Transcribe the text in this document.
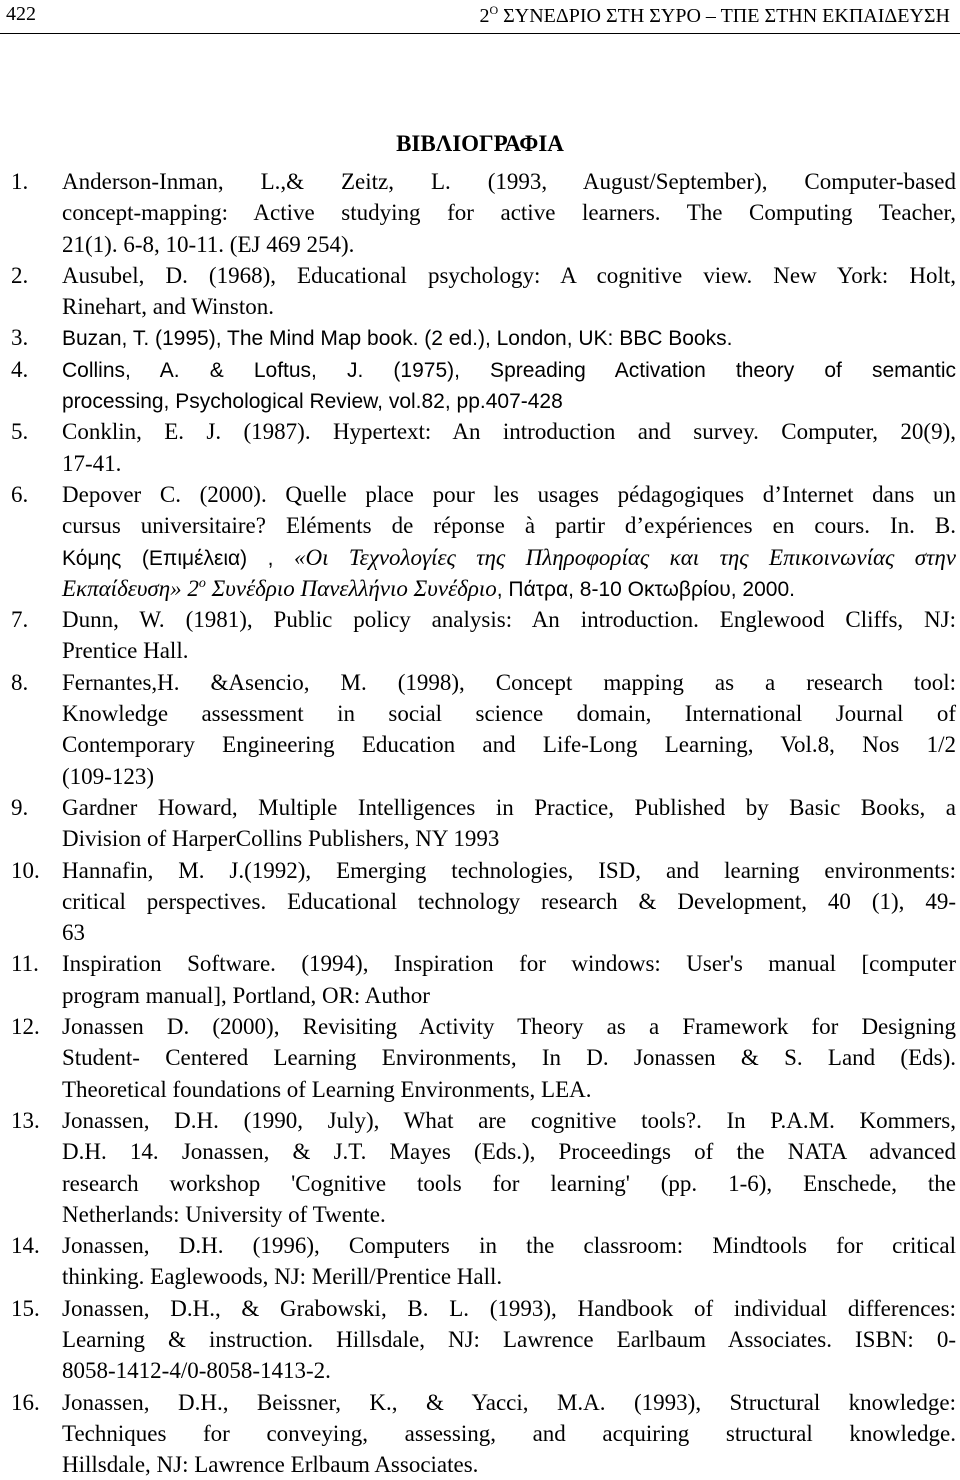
422	$2^O$ ΣΥΝΕΔΡΙΟ ΣΤΗ ΣΥΡΟ – ΤΠΕ ΣΤΗΝ ΕΚΠΑΙΔΕΥΣΗ
ΒΙΒΛΙΟΓΡΑΦΙΑ
1. Anderson-Inman, L.,& Zeitz, L. (1993, August/September), Computer-based
concept-mapping: Active studying for active learners. The Computing Teacher,
21(1). 6-8, 10-11. (EJ 469 254).
2. Ausubel, D. (1968), Educational psychology: A cognitive view. New York: Holt,
Rinehart, and Winston.
3. Buzan, T. (1995), The Mind Map book. (2 ed.), London, UK: BBC Books.
4. Collins, A. & Loftus, J. (1975), Spreading Activation theory of semantic
processing, Psychological Review, vol.82, pp.407-428
5. Conklin, E. J. (1987). Hypertext: An introduction and survey. Computer, 20(9),
17-41.
6. Depover C. (2000). Quelle place pour les usages pédagogiques d’Internet dans un
cursus universitaire? Eléments de réponse à partir d’expériences en cours. In. B.
Κόμης (Επιμέλεια) , «Οι Τεχνολογίες της Πληροφορίας και της Επικοινωνίας στην
Εκπαίδευση» $2^o$ Συνέδριο Πανελλήνιο Συνέδριο, Πάτρα, 8-10 Οκτωβρίου, 2000.
7. Dunn, W. (1981), Public policy analysis: An introduction. Englewood Cliffs, NJ:
Prentice Hall.
8. Fernantes,H. &Asencio, M. (1998), Concept mapping as a research tool:
Knowledge assessment in social science domain, International Journal of
Contemporary Engineering Education and Life-Long Learning, Vol.8, Nos 1/2
(109-123)
9. Gardner Howard, Multiple Intelligences in Practice, Published by Basic Books, a
Division of HarperCollins Publishers, NY 1993
10. Hannafin, M. J.(1992), Emerging technologies, ISD, and learning environments:
critical perspectives. Educational technology research & Development, 40 (1), 49-
63
11. Inspiration Software. (1994), Inspiration for windows: User's manual [computer
program manual], Portland, OR: Author
12. Jonassen D. (2000), Revisiting Activity Theory as a Framework for Designing
Student- Centered Learning Environments, In D. Jonassen & S. Land (Eds).
Theoretical foundations of Learning Environments, LEA.
13. Jonassen, D.H. (1990, July), What are cognitive tools?. In P.A.M. Kommers,
D.H. 14. Jonassen, & J.T. Mayes (Eds.), Proceedings of the NATA advanced
research workshop 'Cognitive tools for learning' (pp. 1-6), Enschede, the
Netherlands: University of Twente.
14. Jonassen, D.H. (1996), Computers in the classroom: Mindtools for critical
thinking. Eaglewoods, NJ: Merill/Prentice Hall.
15. Jonassen, D.H., & Grabowski, B. L. (1993), Handbook of individual differences:
Learning & instruction. Hillsdale, NJ: Lawrence Earlbaum Associates. ISBN: 0-
8058-1412-4/0-8058-1413-2.
16. Jonassen, D.H., Beissner, K., & Yacci, M.A. (1993), Structural knowledge:
Techniques for conveying, assessing, and acquiring structural knowledge.
Hillsdale, NJ: Lawrence Erlbaum Associates.
